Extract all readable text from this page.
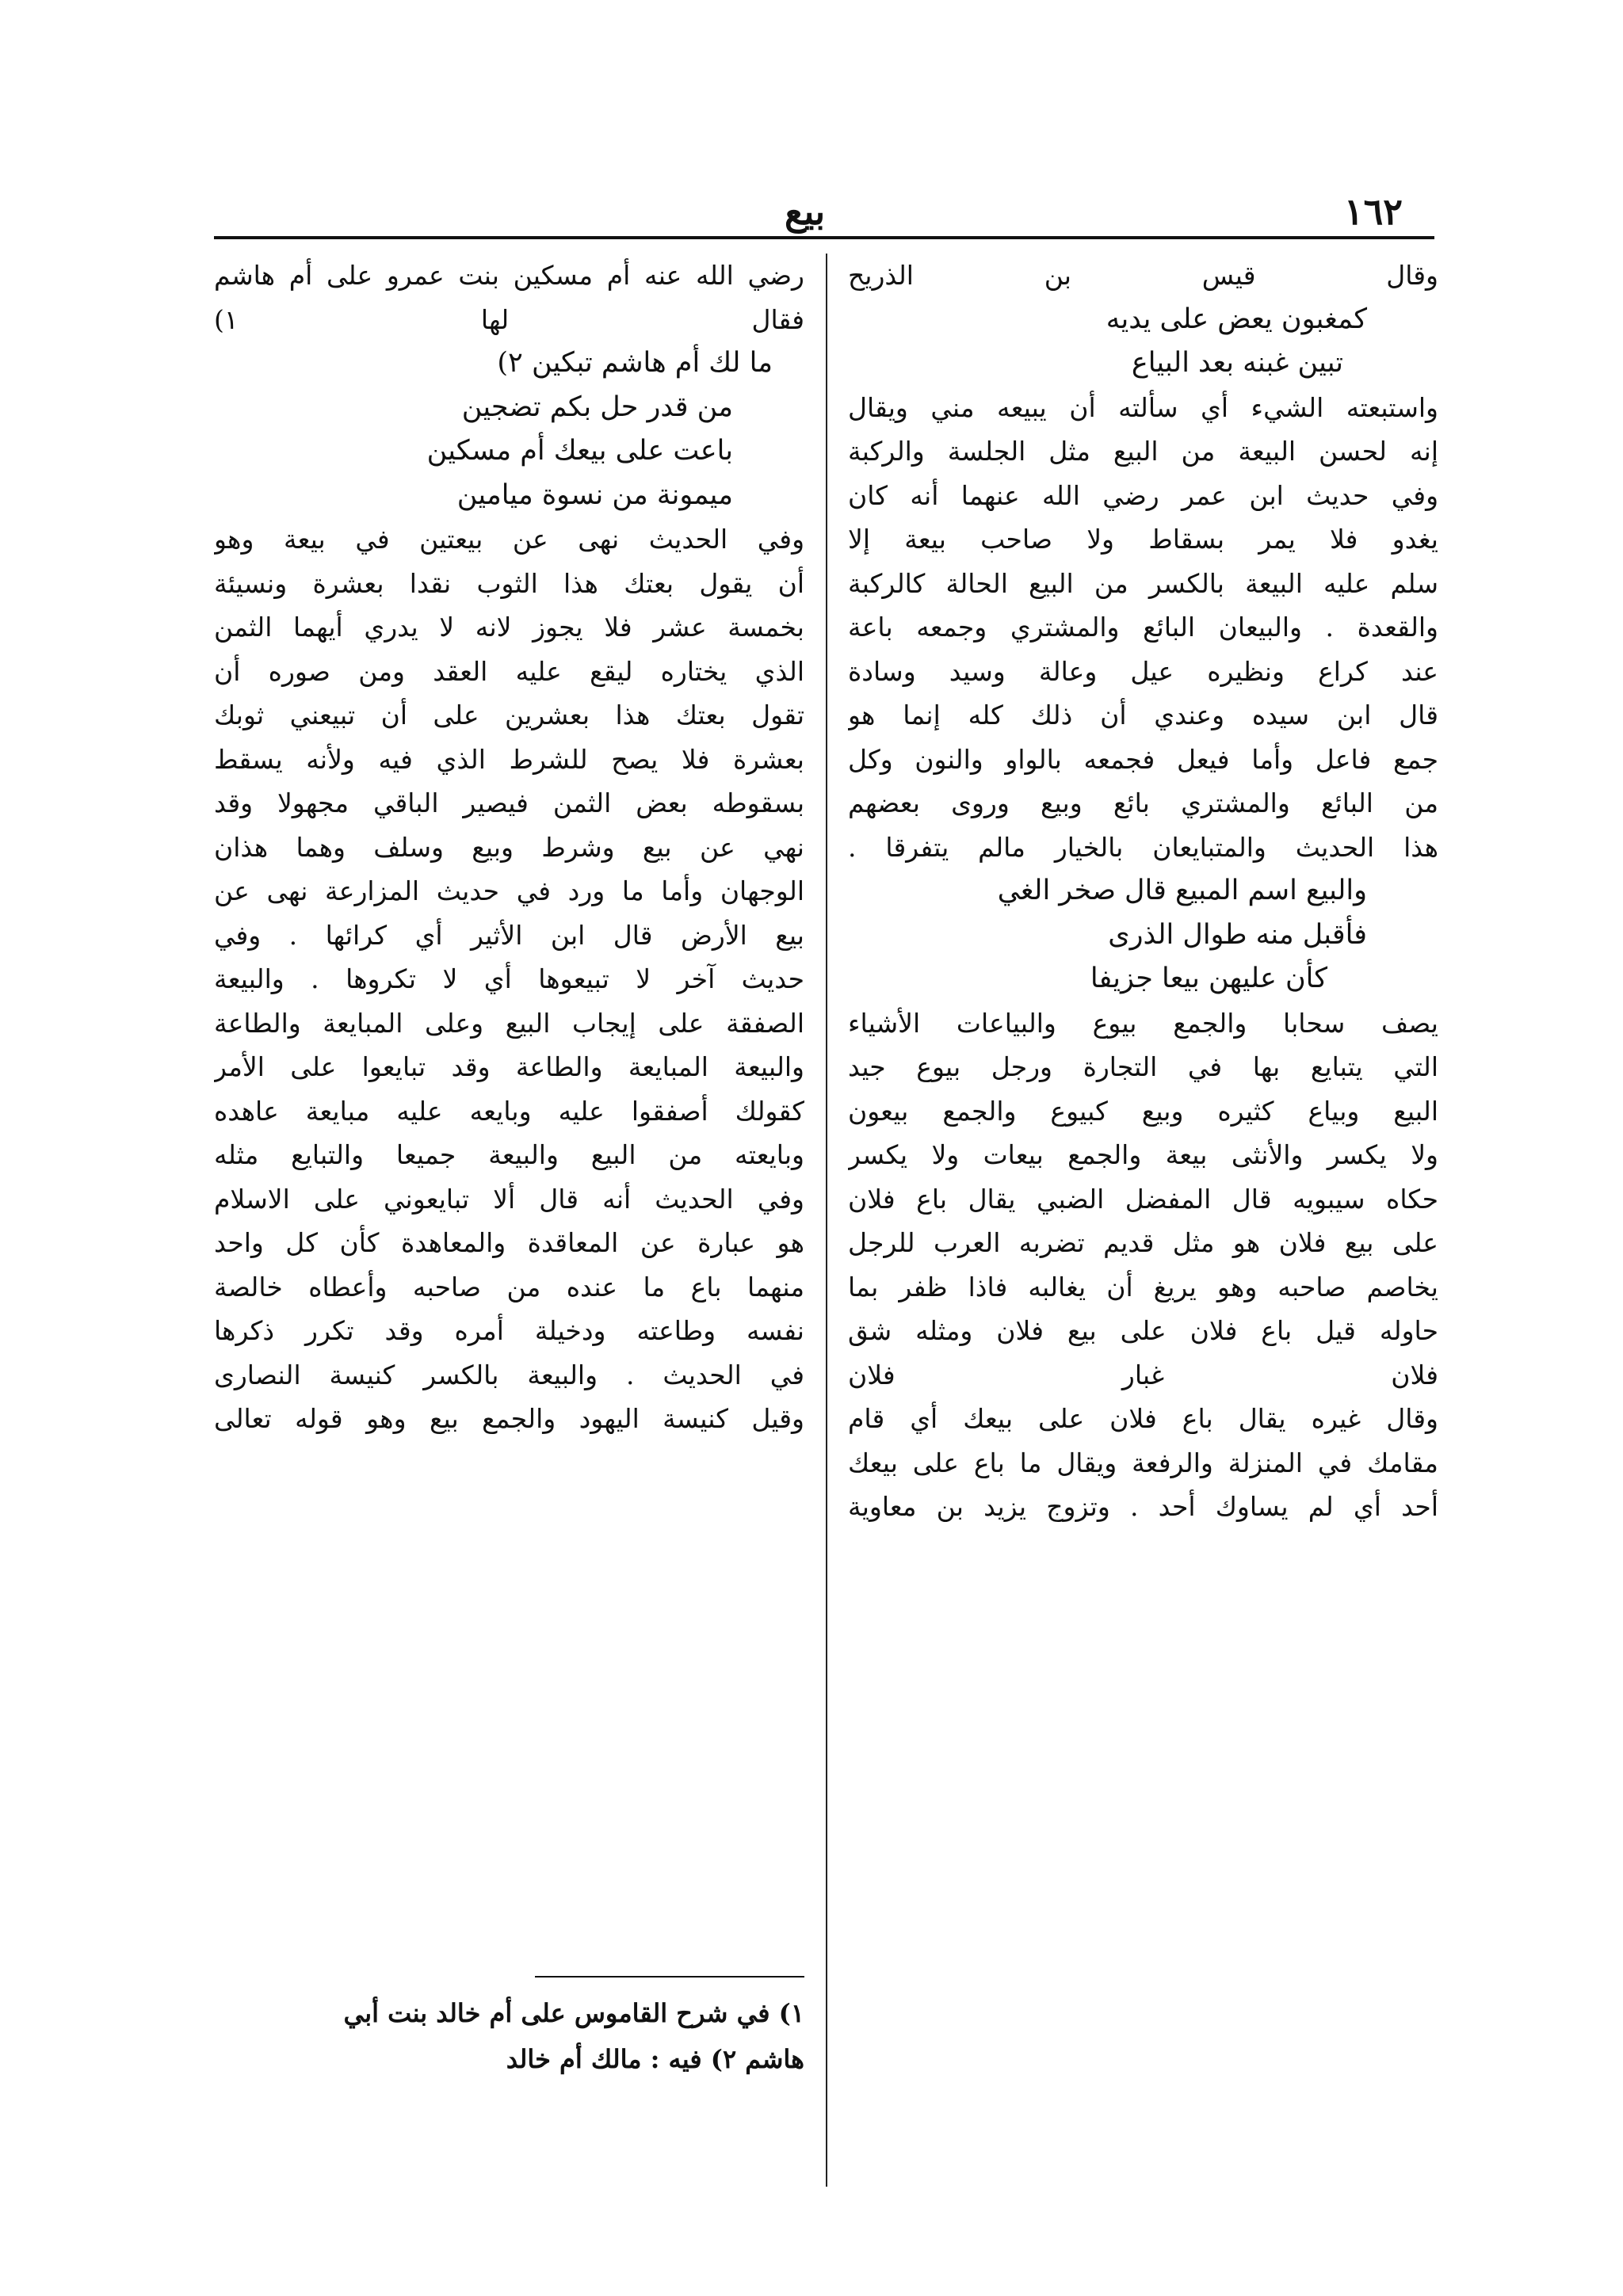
١٦٢
بيع
وقال قيس بن الذريح
كمغبون يعض على يديه
تبين غبنه بعد البياع
واستبعته الشيء أي سألته أن يبيعه مني ويقال
إنه لحسن البيعة من البيع مثل الجلسة والركبة
وفي حديث ابن عمر رضي الله عنهما أنه كان
يغدو فلا يمر بسقاط ولا صاحب بيعة إلا
سلم عليه البيعة بالكسر من البيع الحالة كالركبة
والقعدة . والبيعان البائع والمشتري وجمعه باعة
عند كراع ونظيره عيل وعالة وسيد وسادة
قال ابن سيده وعندي أن ذلك كله إنما هو
جمع فاعل وأما فيعل فجمعه بالواو والنون وكل
من البائع والمشتري بائع وبيع وروى بعضهم
هذا الحديث والمتبايعان بالخيار مالم يتفرقا .
والبيع اسم المبيع قال صخر الغي
فأقبل منه طوال الذرى
كأن عليهن بيعا جزيفا
يصف سحابا والجمع بيوع والبياعات الأشياء
التي يتبايع بها في التجارة ورجل بيوع جيد
البيع وبياع كثيره وبيع كبيوع والجمع بيعون
ولا يكسر والأنثى بيعة والجمع بيعات ولا يكسر
حكاه سيبويه قال المفضل الضبي يقال باع فلان
على بيع فلان هو مثل قديم تضربه العرب للرجل
يخاصم صاحبه وهو يريغ أن يغالبه فاذا ظفر بما
حاوله قيل باع فلان على بيع فلان ومثله شق
فلان غبار فلان
وقال غيره يقال باع فلان على بيعك أي قام
مقامك في المنزلة والرفعة ويقال ما باع على بيعك
أحد أي لم يساوك أحد . وتزوج يزيد بن معاوية
رضي الله عنه أم مسكين بنت عمرو على أم هاشم
فقال لها ١)
ما لك أم هاشم تبكين ٢)
من قدر حل بكم تضجين
باعت على بيعك أم مسكين
ميمونة من نسوة ميامين
وفي الحديث نهى عن بيعتين في بيعة وهو
أن يقول بعتك هذا الثوب نقدا بعشرة ونسيئة
بخمسة عشر فلا يجوز لانه لا يدري أيهما الثمن
الذي يختاره ليقع عليه العقد ومن صوره أن
تقول بعتك هذا بعشرين على أن تبيعني ثوبك
بعشرة فلا يصح للشرط الذي فيه ولأنه يسقط
بسقوطه بعض الثمن فيصير الباقي مجهولا وقد
نهي عن بيع وشرط وبيع وسلف وهما هذان
الوجهان وأما ما ورد في حديث المزارعة نهى عن
بيع الأرض قال ابن الأثير أي كرائها . وفي
حديث آخر لا تبيعوها أي لا تكروها . والبيعة
الصفقة على إيجاب البيع وعلى المبايعة والطاعة
والبيعة المبايعة والطاعة وقد تبايعوا على الأمر
كقولك أصفقوا عليه وبايعه عليه مبايعة عاهده
وبايعته من البيع والبيعة جميعا والتبايع مثله
وفي الحديث أنه قال ألا تبايعوني على الاسلام
هو عبارة عن المعاقدة والمعاهدة كأن كل واحد
منهما باع ما عنده من صاحبه وأعطاه خالصة
نفسه وطاعته ودخيلة أمره وقد تكرر ذكرها
في الحديث . والبيعة بالكسر كنيسة النصارى
وقيل كنيسة اليهود والجمع بيع وهو قوله تعالى
١) في شرح القاموس على أم خالد بنت أبي
هاشم ٢) فيه : مالك أم خالد
